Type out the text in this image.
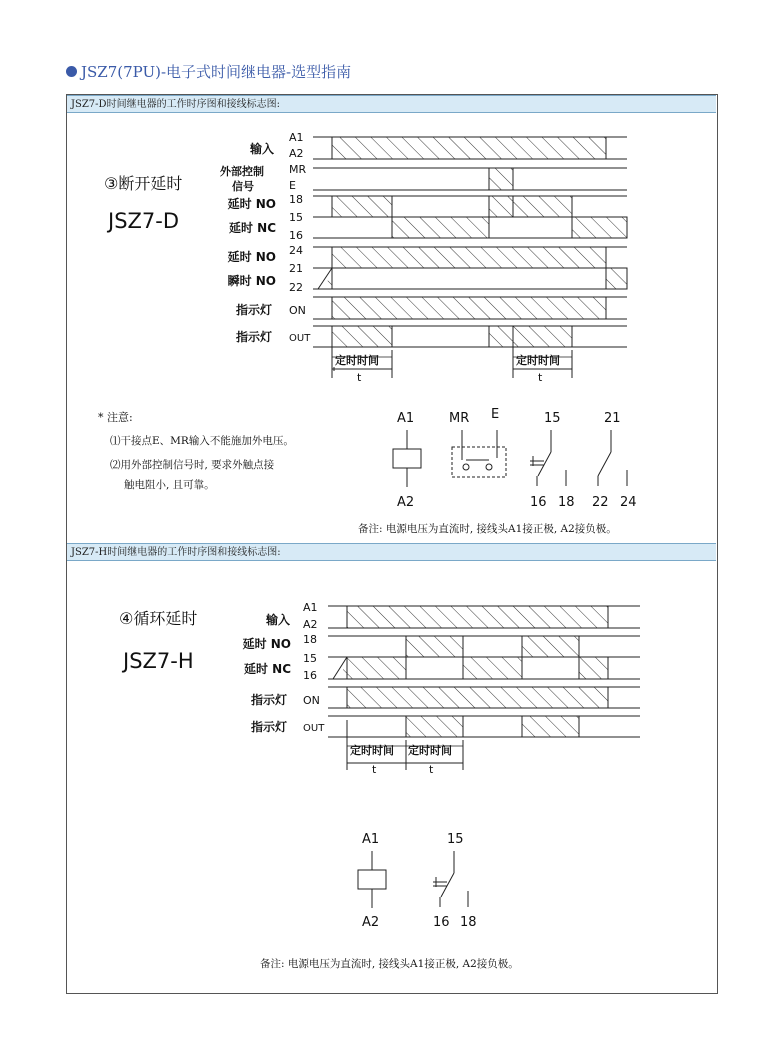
JSZ7(7PU)-电子式时间继电器-选型指南
JSZ7-D时间继电器的工作时序图和接线标志图:
JSZ7-H时间继电器的工作时序图和接线标志图:
③断开延时
JSZ7-D
输入
A1
A2
外部控制
信号
MR
E
延时 NO 18
15
延时 NC
16
延时 NO 24
21
瞬时 NO 22
指示灯 ON
指示灯 OUT
定时时间	定时时间
t	t
* 注意:
⑴干接点E、MR输入不能施加外电压。
⑵用外部控制信号时, 要求外触点接
触电阻小, 且可靠。
A1
A2
MR E	15
16 18
21
22 24
备注: 电源电压为直流时, 接线头A1接正极, A2接负极。
④循环延时
JSZ7-H
输入
A1
A2
延时 NO 18
15
延时 NC 16
指示灯 ON
指示灯 OUT
定时时间 定时时间
t	t
A1
A2
15
16 18
备注: 电源电压为直流时, 接线头A1接正极, A2接负极。
